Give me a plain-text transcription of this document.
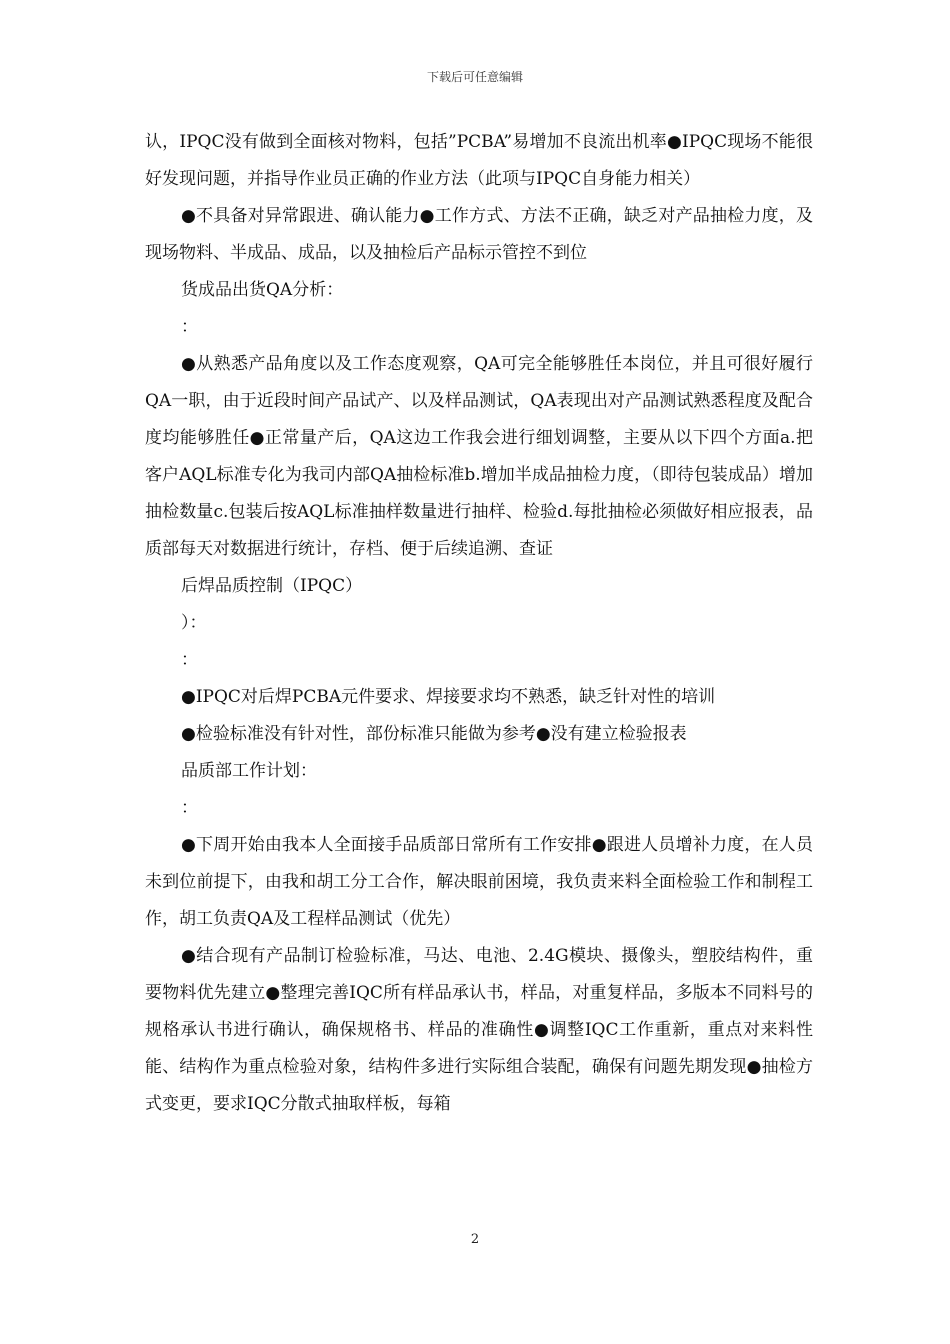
下载后可任意编辑

认，IPQC没有做到全面核对物料，包括”PCBA”易增加不良流出机率●IPQC现场不能很好发现问题，并指导作业员正确的作业方法（此项与IPQC自身能力相关）

●不具备对异常跟进、确认能力●工作方式、方法不正确，缺乏对产品抽检力度，及现场物料、半成品、成品，以及抽检后产品标示管控不到位

货成品出货QA分析：

：

●从熟悉产品角度以及工作态度观察，QA可完全能够胜任本岗位，并且可很好履行QA一职，由于近段时间产品试产、以及样品测试，QA表现出对产品测试熟悉程度及配合度均能够胜任●正常量产后，QA这边工作我会进行细划调整，主要从以下四个方面a.把客户AQL标准专化为我司内部QA抽检标准b.增加半成品抽检力度，（即待包装成品）增加抽检数量c.包装后按AQL标准抽样数量进行抽样、检验d.每批抽检必须做好相应报表，品质部每天对数据进行统计，存档、便于后续追溯、查证

后焊品质控制（IPQC）

）：

：

●IPQC对后焊PCBA元件要求、焊接要求均不熟悉，缺乏针对性的培训

●检验标准没有针对性，部份标准只能做为参考●没有建立检验报表

品质部工作计划：

：

●下周开始由我本人全面接手品质部日常所有工作安排●跟进人员增补力度，在人员未到位前提下，由我和胡工分工合作，解决眼前困境，我负责来料全面检验工作和制程工作，胡工负责QA及工程样品测试（优先）

●结合现有产品制订检验标准，马达、电池、2.4G模块、摄像头，塑胶结构件，重要物料优先建立●整理完善IQC所有样品承认书，样品，对重复样品，多版本不同料号的规格承认书进行确认，确保规格书、样品的准确性●调整IQC工作重新，重点对来料性能、结构作为重点检验对象，结构件多进行实际组合装配，确保有问题先期发现●抽检方式变更，要求IQC分散式抽取样板，每箱

2
